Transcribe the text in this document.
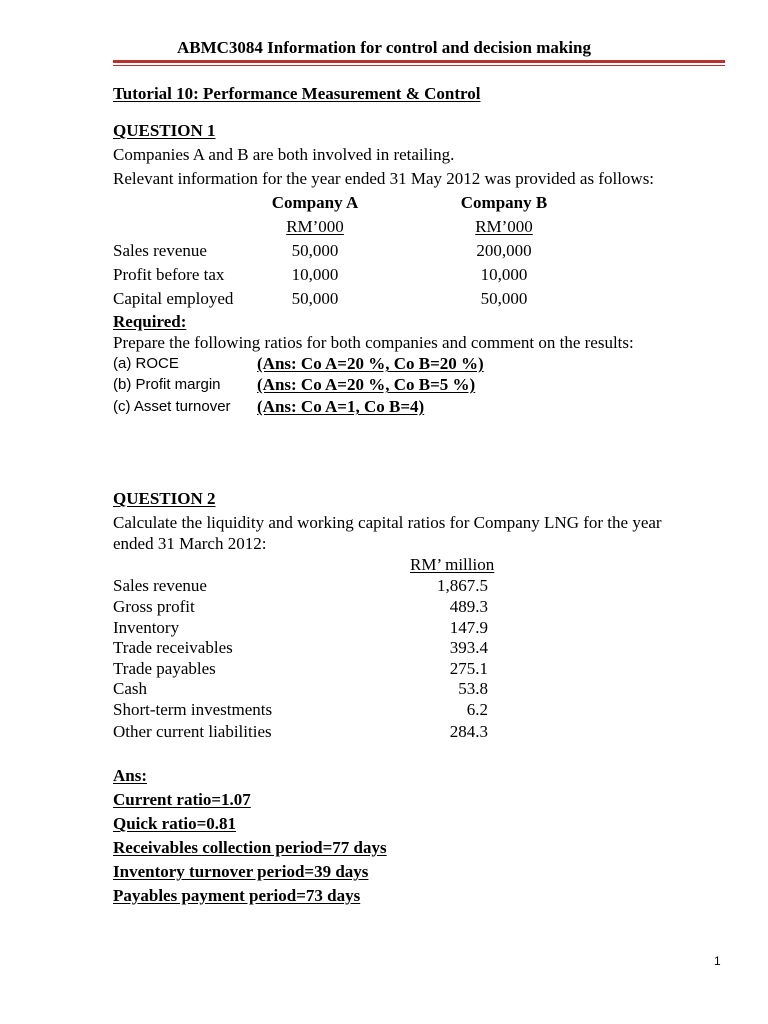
ABMC3084 Information for control and decision making
Tutorial 10: Performance Measurement & Control
QUESTION 1
Companies A and B are both involved in retailing.
Relevant information for the year ended 31 May 2012 was provided as follows:
Company A	Company B
RM’000	RM’000
Sales revenue	50,000	200,000
Profit before tax	10,000	10,000
Capital employed	50,000	50,000
Required:
Prepare the following ratios for both companies and comment on the results:
(a) ROCE	(Ans: Co A=20 %, Co B=20 %)
(b) Profit margin (Ans: Co A=20 %, Co B=5 %)
(c) Asset turnover (Ans: Co A=1, Co B=4)
QUESTION 2
Calculate the liquidity and working capital ratios for Company LNG for the year
ended 31 March 2012:
RM’ million
Sales revenue	1,867.5
Gross profit	489.3
Inventory	147.9
Trade receivables	393.4
Trade payables	275.1
Cash	53.8
Short-term investments	6.2
Other current liabilities	284.3
Ans:
Current ratio=1.07
Quick ratio=0.81
Receivables collection period=77 days
Inventory turnover period=39 days
Payables payment period=73 days
1
